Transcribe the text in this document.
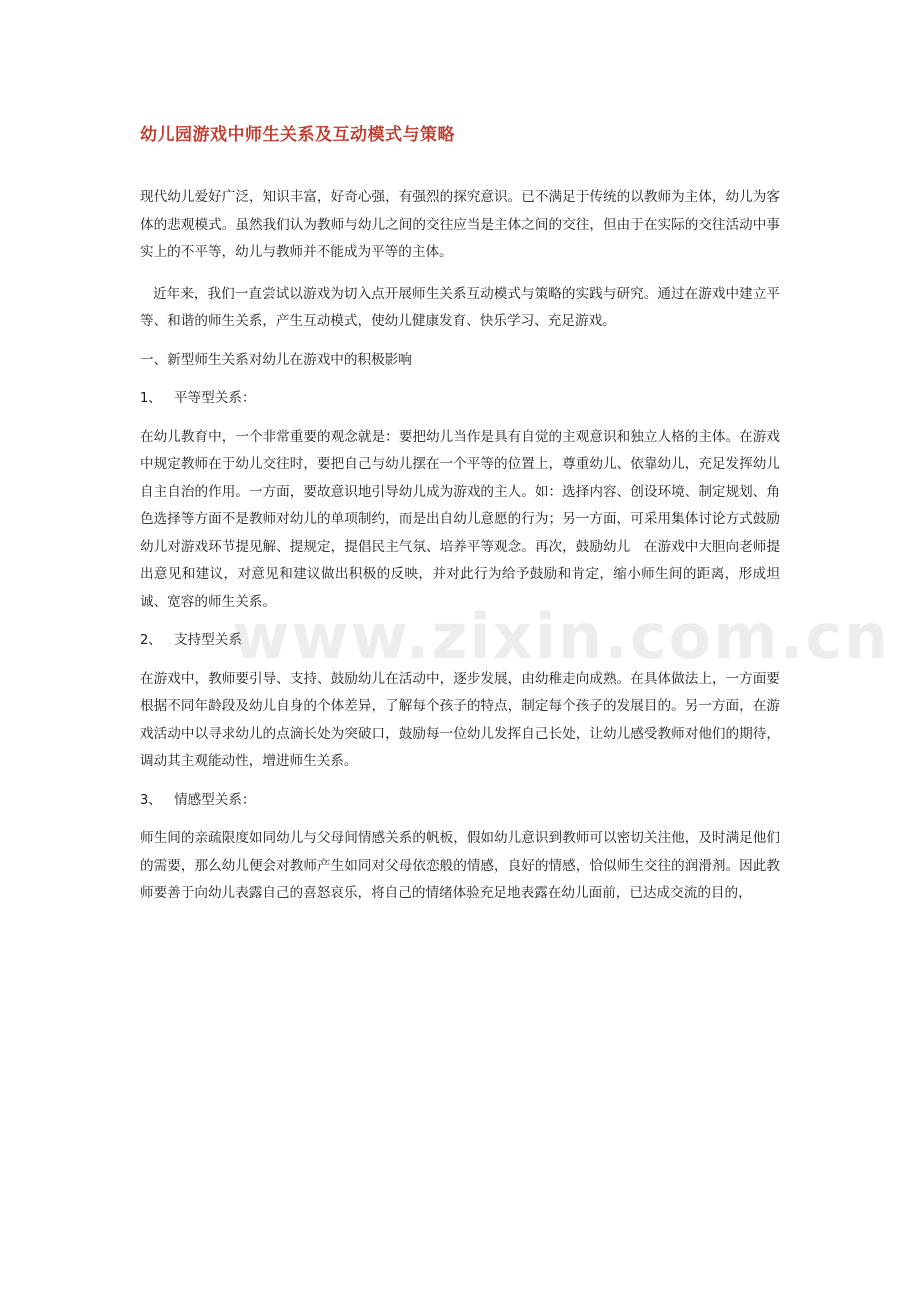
幼儿园游戏中师生关系及互动模式与策略

现代幼儿爱好广泛，知识丰富，好奇心强，有强烈的探究意识。已不满足于传统的以教师为主体，幼儿为客体的悲观模式。虽然我们认为教师与幼儿之间的交往应当是主体之间的交往，但由于在实际的交往活动中事实上的不平等，幼儿与教师并不能成为平等的主体。

近年来，我们一直尝试以游戏为切入点开展师生关系互动模式与策略的实践与研究。通过在游戏中建立平等、和谐的师生关系，产生互动模式，使幼儿健康发育、快乐学习、充足游戏。

一、新型师生关系对幼儿在游戏中的积极影响

1、 平等型关系：

在幼儿教育中，一个非常重要的观念就是：要把幼儿当作是具有自觉的主观意识和独立人格的主体。在游戏中规定教师在于幼儿交往时，要把自己与幼儿摆在一个平等的位置上，尊重幼儿、依靠幼儿，充足发挥幼儿自主自治的作用。一方面，要故意识地引导幼儿成为游戏的主人。如：选择内容、创设环境、制定规划、角色选择等方面不是教师对幼儿的单项制约，而是出自幼儿意愿的行为；另一方面，可采用集体讨论方式鼓励幼儿对游戏环节提见解、提规定，提倡民主气氛、培养平等观念。再次，鼓励幼儿　在游戏中大胆向老师提出意见和建议，对意见和建议做出积极的反映，并对此行为给予鼓励和肯定，缩小师生间的距离，形成坦诚、宽容的师生关系。

2、 支持型关系

在游戏中，教师要引导、支持、鼓励幼儿在活动中，逐步发展，由幼稚走向成熟。在具体做法上，一方面要根据不同年龄段及幼儿自身的个体差异，了解每个孩子的特点，制定每个孩子的发展目的。另一方面，在游戏活动中以寻求幼儿的点滴长处为突破口，鼓励每一位幼儿发挥自己长处，让幼儿感受教师对他们的期待，调动其主观能动性，增进师生关系。

3、 情感型关系：

师生间的亲疏限度如同幼儿与父母间情感关系的帆板，假如幼儿意识到教师可以密切关注他，及时满足他们的需要，那么幼儿便会对教师产生如同对父母依恋般的情感，良好的情感，恰似师生交往的润滑剂。因此教师要善于向幼儿表露自己的喜怒哀乐，将自己的情绪体验充足地表露在幼儿面前，已达成交流的目的，

www.zixin.com.cn
